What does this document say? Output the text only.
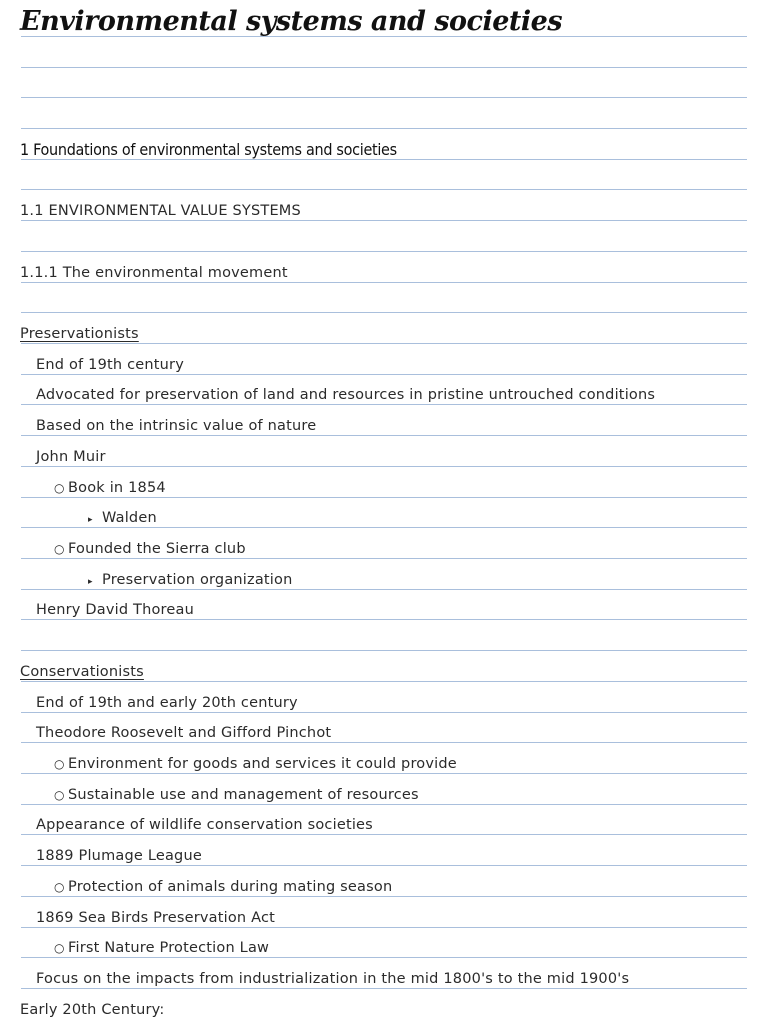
Environmental systems and societies
1 Foundations of environmental systems and societies
1.1 ENVIRONMENTAL VALUE SYSTEMS
1.1.1 The environmental movement
Preservationists
End of 19th century
Advocated for preservation of land and resources in pristine untrouched conditions
Based on the intrinsic value of nature
John Muir
○Book in 1854
▸ Walden
○Founded the Sierra club
▸ Preservation organization
Henry David Thoreau
Conservationists
End of 19th and early 20th century
Theodore Roosevelt and Gifford Pinchot
○Environment for goods and services it could provide
○Sustainable use and management of resources
Appearance of wildlife conservation societies
1889 Plumage League
○Protection of animals during mating season
1869 Sea Birds Preservation Act
○First Nature Protection Law
Focus on the impacts from industrialization in the mid 1800's to the mid 1900's
Early 20th Century:
